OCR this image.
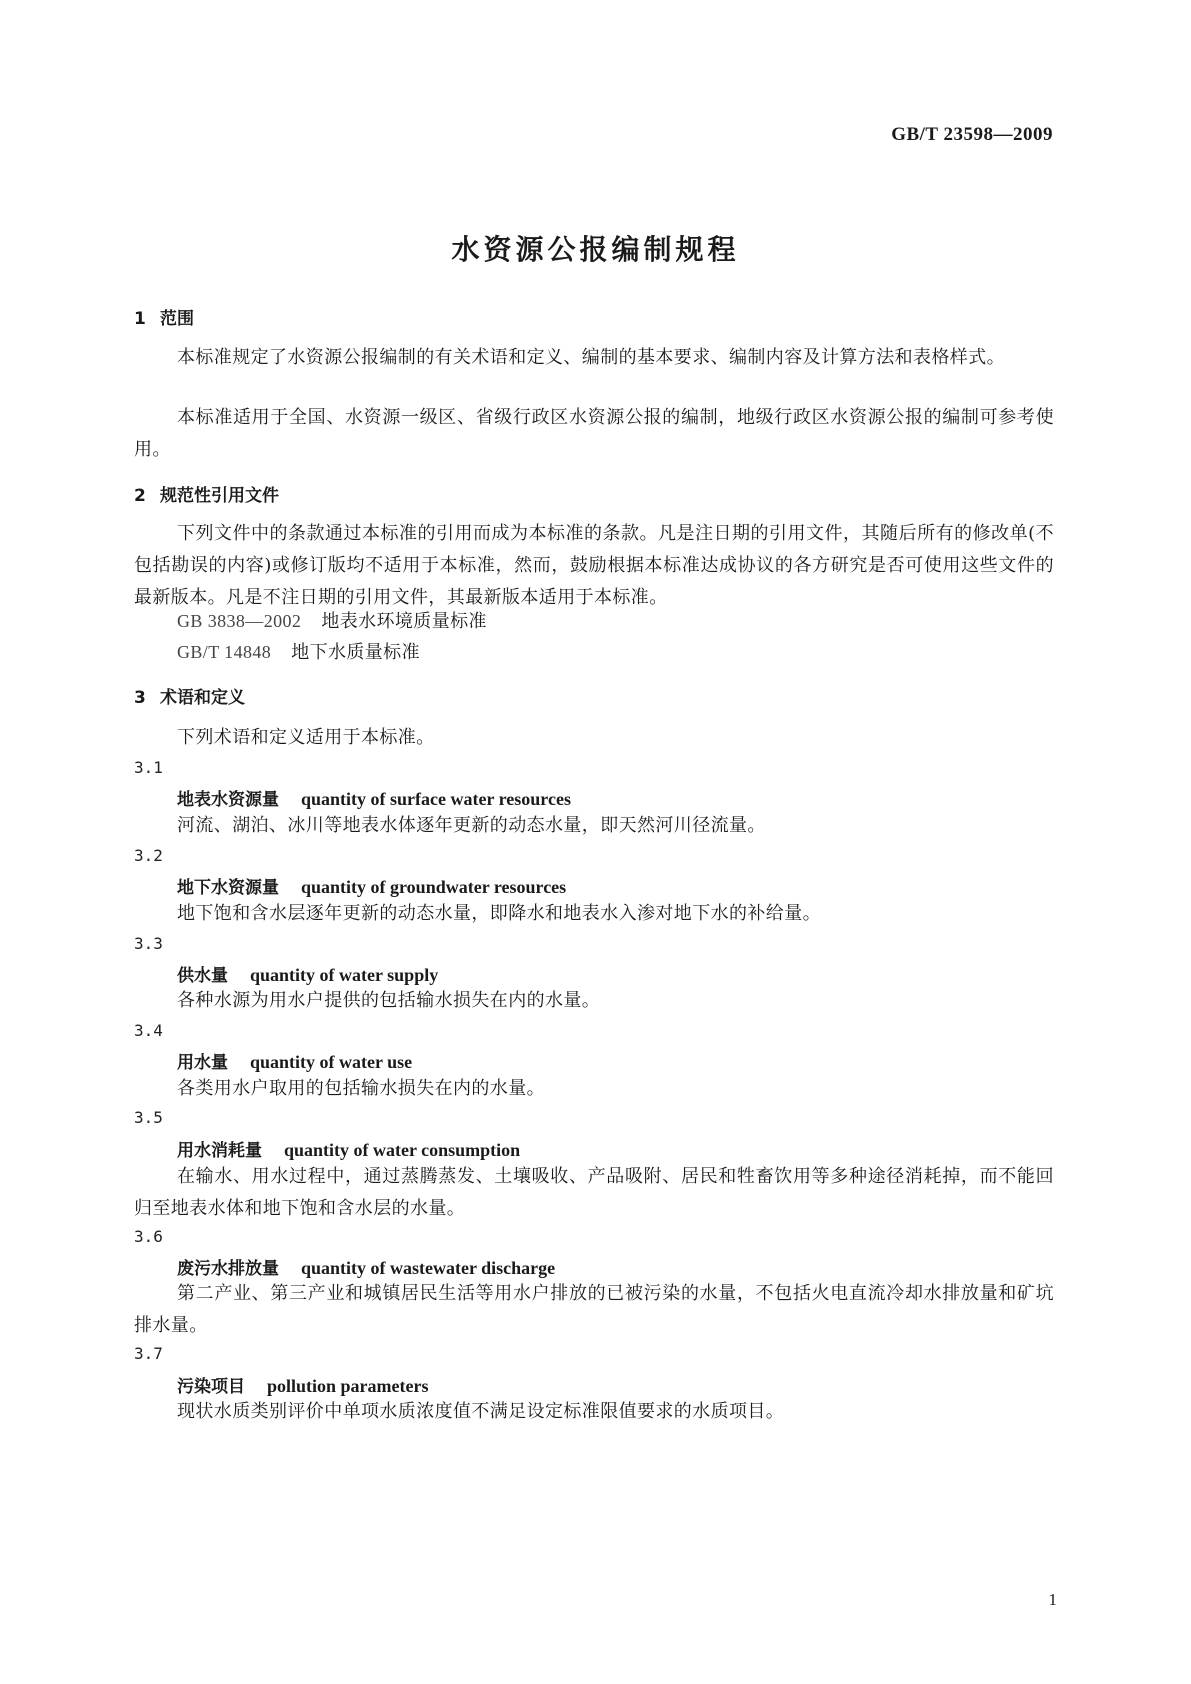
GB/T 23598—2009
水资源公报编制规程
1 范围
本标准规定了水资源公报编制的有关术语和定义、编制的基本要求、编制内容及计算方法和表格样式。
本标准适用于全国、水资源一级区、省级行政区水资源公报的编制，地级行政区水资源公报的编制可参考使用。
2 规范性引用文件
下列文件中的条款通过本标准的引用而成为本标准的条款。凡是注日期的引用文件，其随后所有的修改单(不包括勘误的内容)或修订版均不适用于本标准，然而，鼓励根据本标准达成协议的各方研究是否可使用这些文件的最新版本。凡是不注日期的引用文件，其最新版本适用于本标准。
GB 3838—2002 地表水环境质量标准
GB/T 14848 地下水质量标准
3 术语和定义
下列术语和定义适用于本标准。
3.1
地表水资源量 quantity of surface water resources
河流、湖泊、冰川等地表水体逐年更新的动态水量，即天然河川径流量。
3.2
地下水资源量 quantity of groundwater resources
地下饱和含水层逐年更新的动态水量，即降水和地表水入渗对地下水的补给量。
3.3
供水量 quantity of water supply
各种水源为用水户提供的包括输水损失在内的水量。
3.4
用水量 quantity of water use
各类用水户取用的包括输水损失在内的水量。
3.5
用水消耗量 quantity of water consumption
在输水、用水过程中，通过蒸腾蒸发、土壤吸收、产品吸附、居民和牲畜饮用等多种途径消耗掉，而不能回归至地表水体和地下饱和含水层的水量。
3.6
废污水排放量 quantity of wastewater discharge
第二产业、第三产业和城镇居民生活等用水户排放的已被污染的水量，不包括火电直流冷却水排放量和矿坑排水量。
3.7
污染项目 pollution parameters
现状水质类别评价中单项水质浓度值不满足设定标准限值要求的水质项目。
1
